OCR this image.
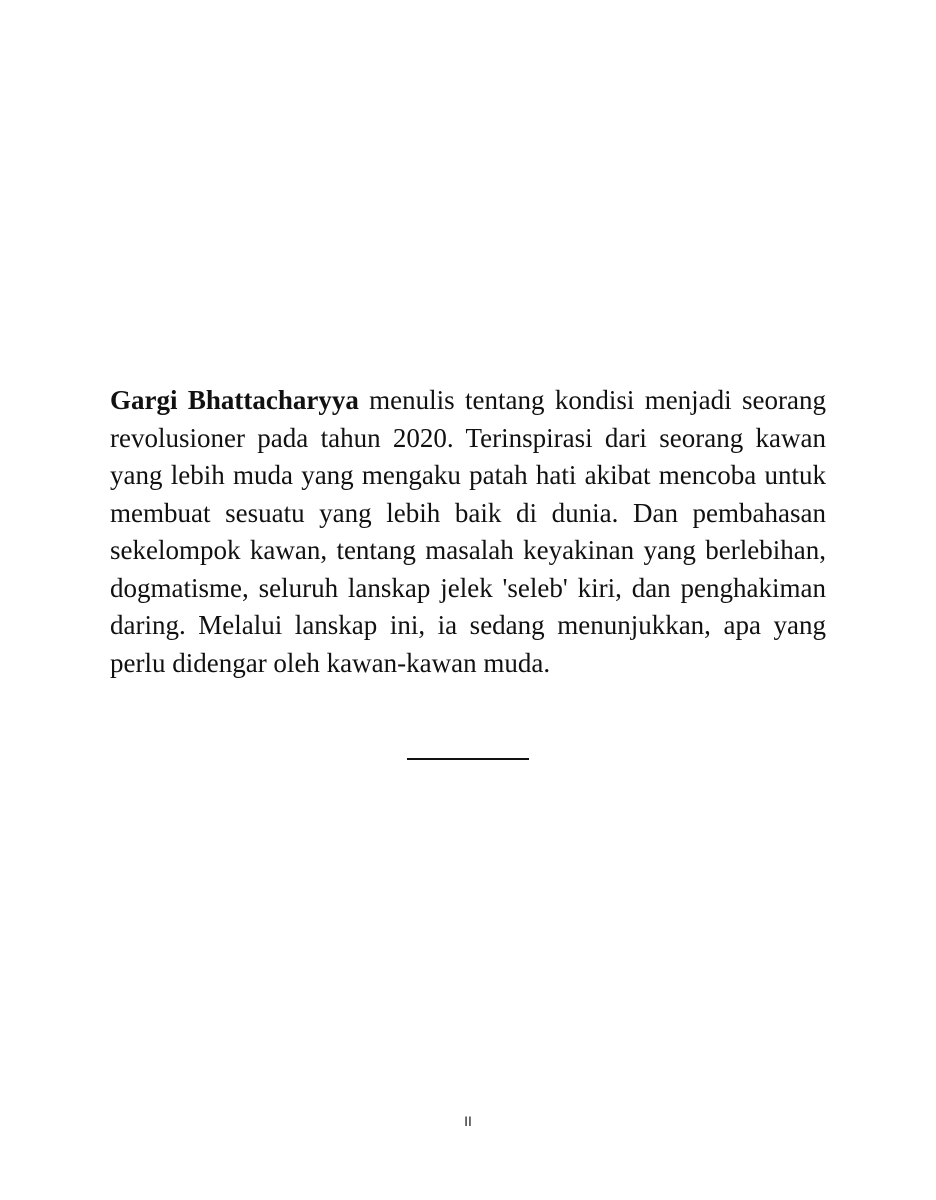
Gargi Bhattacharyya menulis tentang kondisi menjadi seorang revolusioner pada tahun 2020. Terinspirasi dari seorang kawan yang lebih muda yang mengaku patah hati akibat mencoba untuk membuat sesuatu yang lebih baik di dunia. Dan pembahasan sekelompok kawan, tentang masalah keyakinan yang berlebihan, dogmatisme, seluruh lanskap jelek 'seleb' kiri, dan penghakiman daring. Melalui lanskap ini, ia sedang menunjukkan, apa yang perlu didengar oleh kawan-kawan muda.

II
